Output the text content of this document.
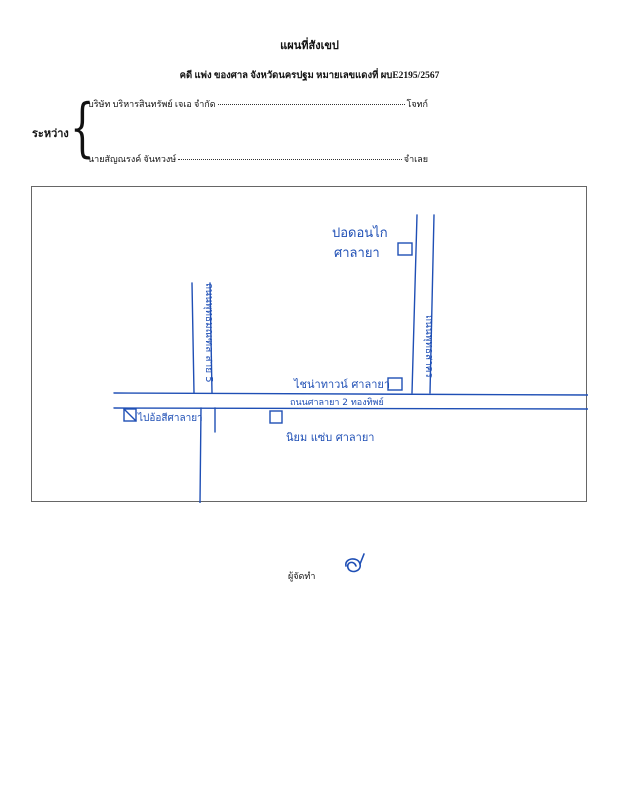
แผนที่สังเขป
คดี แพ่ง ของศาล จังหวัดนครปฐม หมายเลขแดงที่ ผบE2195/2567
ระหว่าง {
บริษัท บริหารสินทรัพย์ เจเอ จำกัด	โจทก์
นายสัญณรงค์ จันทวงษ์	จำเลย
ปอดอนไก
ศาลายา
ถนนพุทธมณฑล สาย 5	ถนนพุทธสาคร
ไชน่าทาวน์ ศาลายา
ถนนศาลายา 2 ทองทิพย์
ไปอ้อสีศาลายา
นิยม แซ่บ ศาลายา
ผู้จัดทำ
